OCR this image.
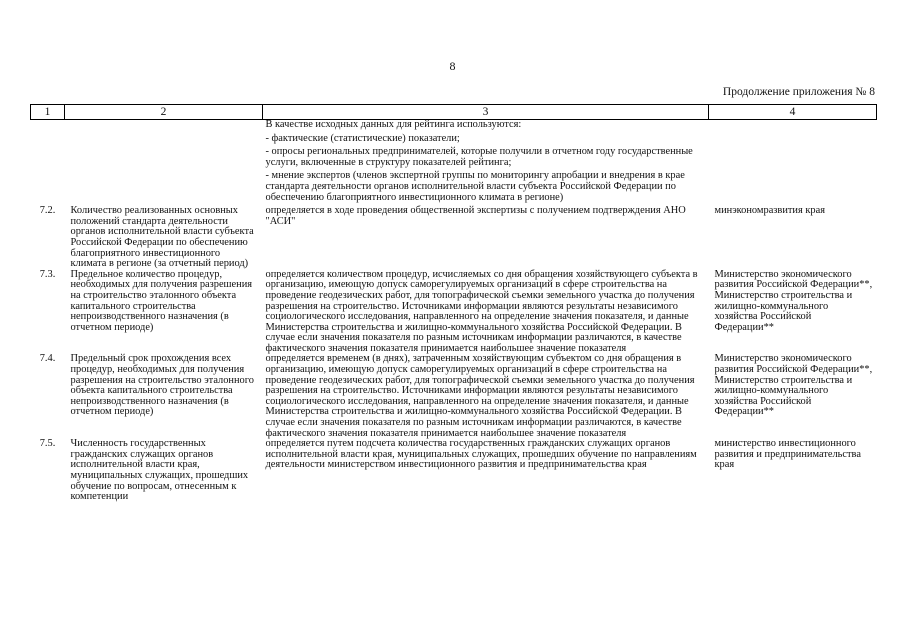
8
Продолжение приложения № 8
1	2	3	4

		В качестве исходных данных для рейтинга используются:

- фактические (статистические) показатели;

- опросы региональных предпринимателей, которые получили в отчетном году государственные услуги, включенные в структуру показателей рейтинга;

- мнение экспертов (членов экспертной группы по мониторингу апробации и внедрения в крае стандарта деятельности органов исполнительной власти субъекта Российской Федерации по обеспечению благоприятного инвестиционного климата в регионе)	

7.2.	Количество реализованных основных положений стандарта деятельности органов исполнительной власти субъекта Российской Федерации по обеспечению благоприятного инвестиционного климата в регионе (за отчетный период)	определяется в ходе проведения общественной экспертизы с получением подтверждения АНО "АСИ"	минэкономразвития края
7.3.	Предельное количество процедур, необходимых для получения разрешения на строительство эталонного объекта капитального строительства непроизводственного назначения (в отчетном периоде)	определяется количеством процедур, исчисляемых со дня обращения хозяйствующего субъекта в организацию, имеющую допуск саморегулируемых организаций в сфере строительства на проведение геодезических работ, для топографической съемки земельного участка до получения разрешения на строительство. Источниками информации являются результаты независимого социологического исследования, направленного на определение значения показателя, и данные Министерства строительства и жилищно-коммунального хозяйства Российской Федерации. В случае если значения показателя по разным источникам информации различаются, в качестве фактического значения показателя принимается наибольшее значение показателя	Министерство экономического развития Российской Федерации**, Министерство строительства и жилищно-коммунального хозяйства Российской Федерации**
7.4.	Предельный срок прохождения всех процедур, необходимых для получения разрешения на строительство эталонного объекта капитального строительства непроизводственного назначения (в отчетном периоде)	определяется временем (в днях), затраченным хозяйствующим субъектом со дня обращения в организацию, имеющую допуск саморегулируемых организаций в сфере строительства на проведение геодезических работ, для топографической съемки земельного участка до получения разрешения на строительство. Источниками информации являются результаты независимого социологического исследования, направленного на определение значения показателя, и данные Министерства строительства и жилищно-коммунального хозяйства Российской Федерации. В случае если значения показателя по разным источникам информации различаются, в качестве фактического значения показателя принимается наибольшее значение показателя	Министерство экономического развития Российской Федерации**, Министерство строительства и жилищно-коммунального хозяйства Российской Федерации**
7.5.	Численность государственных гражданских служащих органов исполнительной власти края, муниципальных служащих, прошедших обучение по вопросам, отнесенным к компетенции	определяется путем подсчета количества государственных гражданских служащих органов исполнительной власти края, муниципальных служащих, прошедших обучение по направлениям деятельности министерством инвестиционного развития и предпринимательства края	министерство инвестиционного развития и предпринимательства края
